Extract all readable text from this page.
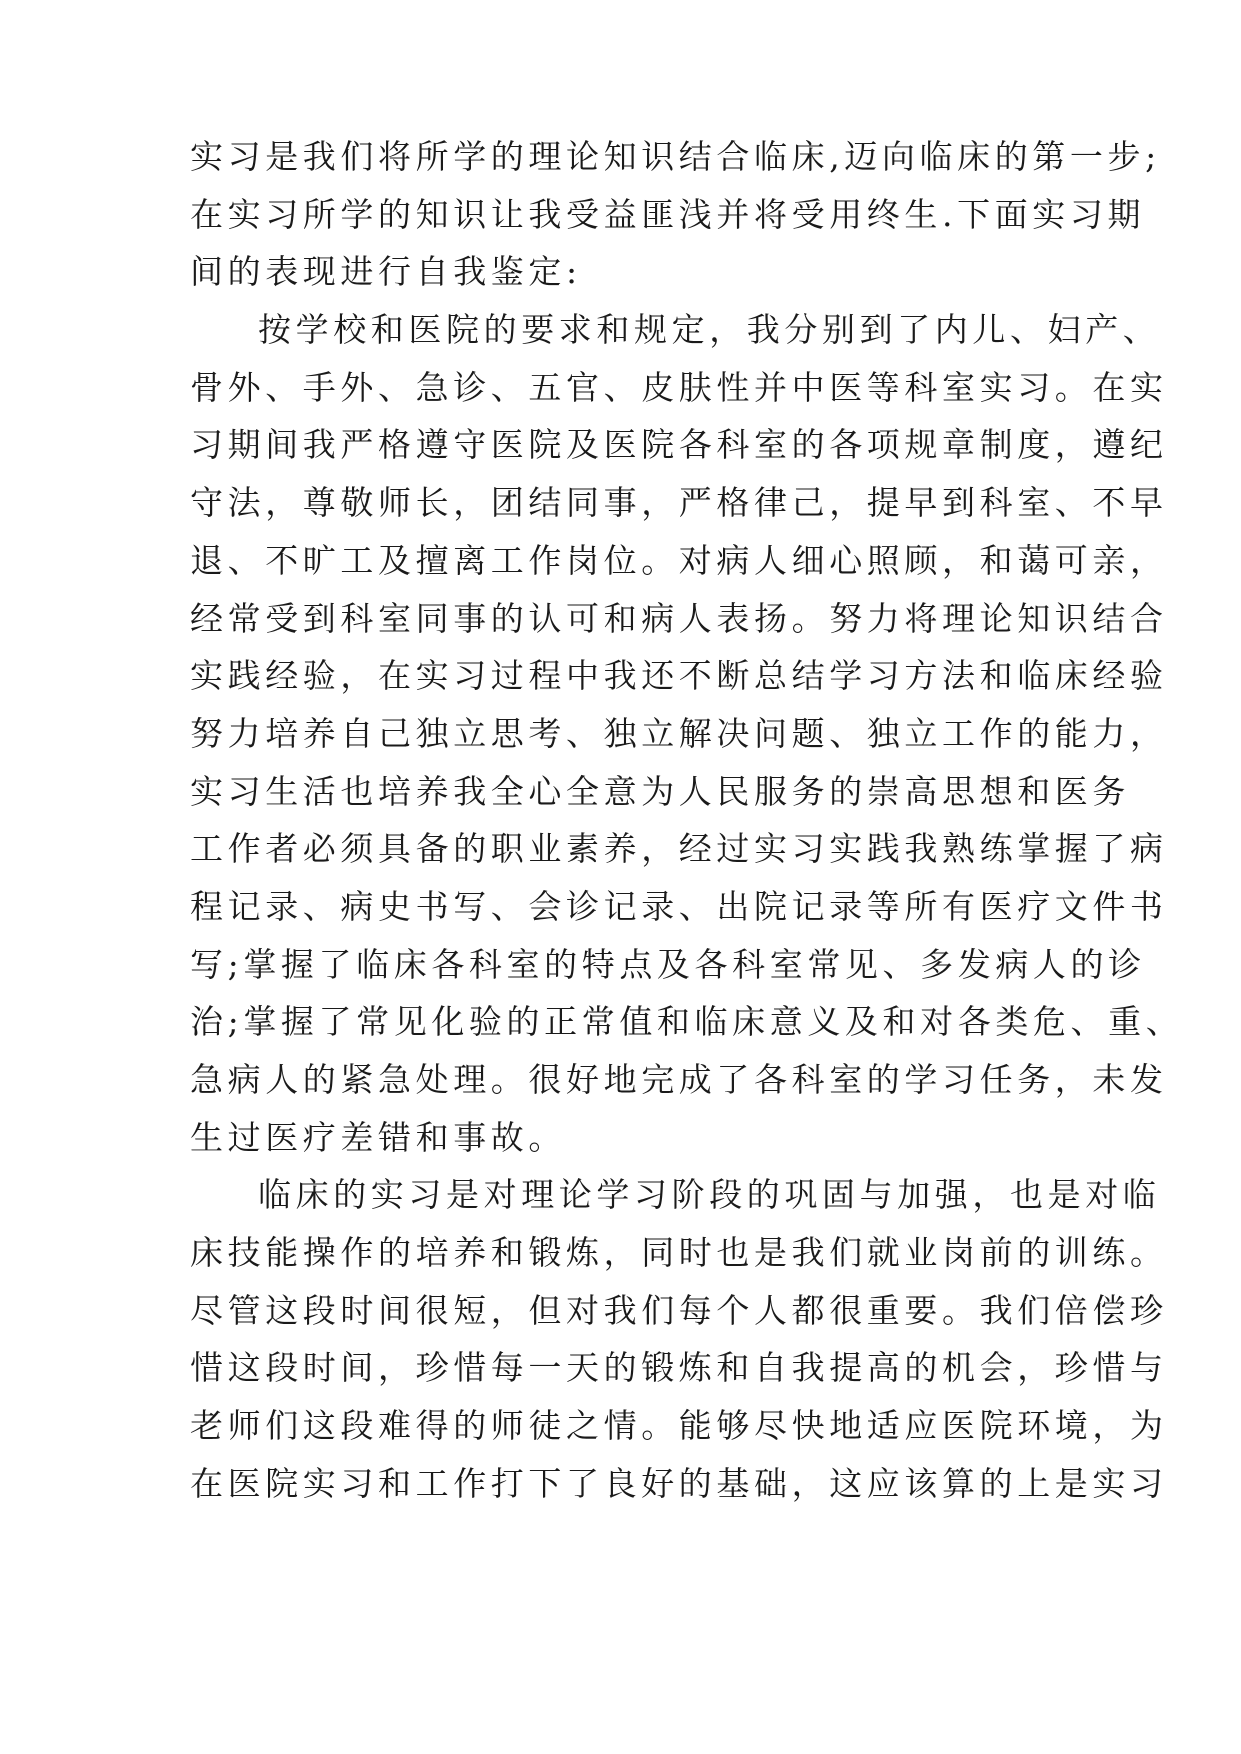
实习是我们将所学的理论知识结合临床,迈向临床的第一步;
在实习所学的知识让我受益匪浅并将受用终生.下面实习期
间的表现进行自我鉴定:
按学校和医院的要求和规定，我分别到了内儿、妇产、
骨外、手外、急诊、五官、皮肤性并中医等科室实习。在实
习期间我严格遵守医院及医院各科室的各项规章制度，遵纪
守法，尊敬师长，团结同事，严格律己，提早到科室、不早
退、不旷工及擅离工作岗位。对病人细心照顾，和蔼可亲，
经常受到科室同事的认可和病人表扬。努力将理论知识结合
实践经验，在实习过程中我还不断总结学习方法和临床经验
努力培养自己独立思考、独立解决问题、独立工作的能力，
实习生活也培养我全心全意为人民服务的崇高思想和医务
工作者必须具备的职业素养，经过实习实践我熟练掌握了病
程记录、病史书写、会诊记录、出院记录等所有医疗文件书
写;掌握了临床各科室的特点及各科室常见、多发病人的诊
治;掌握了常见化验的正常值和临床意义及和对各类危、重、
急病人的紧急处理。很好地完成了各科室的学习任务，未发
生过医疗差错和事故。
临床的实习是对理论学习阶段的巩固与加强，也是对临
床技能操作的培养和锻炼，同时也是我们就业岗前的训练。
尽管这段时间很短，但对我们每个人都很重要。我们倍偿珍
惜这段时间，珍惜每一天的锻炼和自我提高的机会，珍惜与
老师们这段难得的师徒之情。能够尽快地适应医院环境，为
在医院实习和工作打下了良好的基础，这应该算的上是实习
